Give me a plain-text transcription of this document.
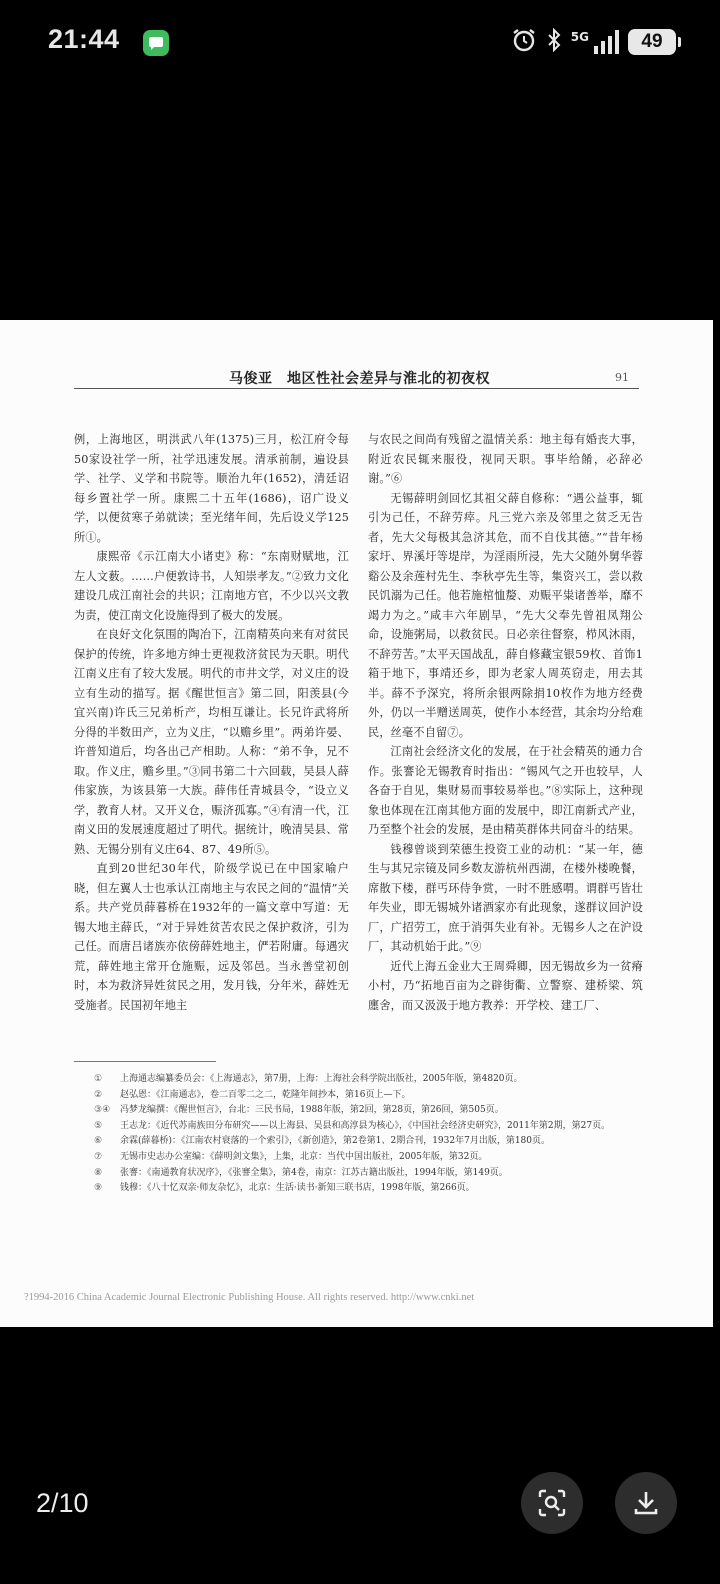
21:44	5G	49
马俊亚　地区性社会差异与淮北的初夜权	91

例，上海地区，明洪武八年(1375)三月，松江府令每50家设社学一所，社学迅速发展。清承前制，遍设县学、社学、义学和书院等。顺治九年(1652)，清廷诏每乡置社学一所。康熙二十五年(1686)，诏广设义学，以便贫寒子弟就读；至光绪年间，先后设义学125所①。

康熙帝《示江南大小诸吏》称：“东南财赋地，江左人文薮。……户便敦诗书，人知崇孝友。”②致力文化建设几成江南社会的共识；江南地方官，不少以兴文教为责，使江南文化设施得到了极大的发展。

在良好文化氛围的陶冶下，江南精英向来有对贫民保护的传统，许多地方绅士更视救济贫民为天职。明代江南义庄有了较大发展。明代的市井文学，对义庄的设立有生动的描写。据《醒世恒言》第二回，阳羡县(今宜兴南)许氏三兄弟析产，均相互谦让。长兄许武将所分得的半数田产，立为义庄，“以赡乡里”。两弟许晏、许普知道后，均各出己产相助。人称：“弟不争，兄不取。作义庄，赡乡里。”③同书第二十六回载，吴县人薛伟家族，为该县第一大族。薛伟任青城县令，“设立义学，教育人材。又开义仓，赈济孤寡。”④有清一代，江南义田的发展速度超过了明代。据统计，晚清吴县、常熟、无锡分别有义庄64、87、49所⑤。

直到20世纪30年代，阶级学说已在中国家喻户晓，但左翼人士也承认江南地主与农民之间的“温情”关系。共产党员薛暮桥在1932年的一篇文章中写道：无锡大地主薛氏，“对于异姓贫苦农民之保护救济，引为己任。而唐吕诸族亦依傍薛姓地主，俨若附庸。每遇灾荒，薛姓地主常开仓施赈，远及邻邑。当永善堂初创时，本为救济异姓贫民之用，发月钱，分年米，薛姓无受施者。民国初年地主

与农民之间尚有残留之温情关系：地主每有婚丧大事，附近农民辄来服役，视同天职。事毕给餚，必辞必谢。”⑥

无锡薛明剑回忆其祖父薛自修称：“遇公益事，辄引为己任，不辞劳瘁。凡三党六亲及邻里之贫乏无告者，先大父每极其急济其危，而不自伐其德。”“昔年杨家圩、界溪圩等堤岸，为淫雨所浸，先大父随外舅华蓉谿公及余莲村先生、李秋亭先生等，集资兴工，尝以救民饥溺为己任。他若施棺恤嫠、劝赈平粜诸善举，靡不竭力为之。”咸丰六年剧旱，“先大父奉先曾祖凤翔公命，设施粥局，以救贫民。日必亲往督察，栉风沐雨，不辞劳苦。”太平天国战乱，薛自修藏宝银59枚、首饰1箱于地下，事靖还乡，即为老家人周英窃走，用去其半。薛不予深究，将所余银两除捐10枚作为地方经费外，仍以一半赠送周英，使作小本经营，其余均分给难民，丝毫不自留⑦。

江南社会经济文化的发展，在于社会精英的通力合作。张謇论无锡教育时指出：“锡风气之开也较早，人各奋于自见，集财易而事较易举也。”⑧实际上，这种现象也体现在江南其他方面的发展中，即江南新式产业，乃至整个社会的发展，是由精英群体共同奋斗的结果。

钱穆曾谈到荣德生投资工业的动机：“某一年，德生与其兄宗镜及同乡数友游杭州西湖，在楼外楼晚餐，席散下楼，群丐环侍争赏，一时不胜感喟。谓群丐皆壮年失业，即无锡城外诸酒家亦有此现象，遂群议回沪设厂，广招劳工，庶于消弭失业有补。无锡乡人之在沪设厂，其动机始于此。”⑨

近代上海五金业大王周舜卿，因无锡故乡为一贫瘠小村，乃“拓地百亩为之辟街衢、立警察、建桥梁、筑廛舍，而又汲汲于地方教养：开学校、建工厂、

①	上海通志编纂委员会：《上海通志》，第7册，上海：上海社会科学院出版社，2005年版，第4820页。
②	赵弘恩：《江南通志》，卷二百零二之二，乾隆年间抄本，第16页上—下。
③④	冯梦龙编撰：《醒世恒言》，台北：三民书局，1988年版，第2回，第28页，第26回，第505页。
⑤	王志龙：《近代苏南族田分布研究——以上海县、吴县和高淳县为核心》，《中国社会经济史研究》，2011年第2期，第27页。
⑥	余霖(薛暮桥)：《江南农村衰落的一个索引》，《新创造》，第2卷第1、2期合刊，1932年7月出版，第180页。
⑦	无锡市史志办公室编：《薛明剑文集》，上集，北京：当代中国出版社，2005年版，第32页。
⑧	张謇：《南通教育状况序》，《张謇全集》，第4卷，南京：江苏古籍出版社，1994年版，第149页。
⑨	钱穆：《八十忆双亲·师友杂忆》，北京：生活·读书·新知三联书店，1998年版，第266页。
?1994-2016 China Academic Journal Electronic Publishing House. All rights reserved. http://www.cnki.net
2/10
